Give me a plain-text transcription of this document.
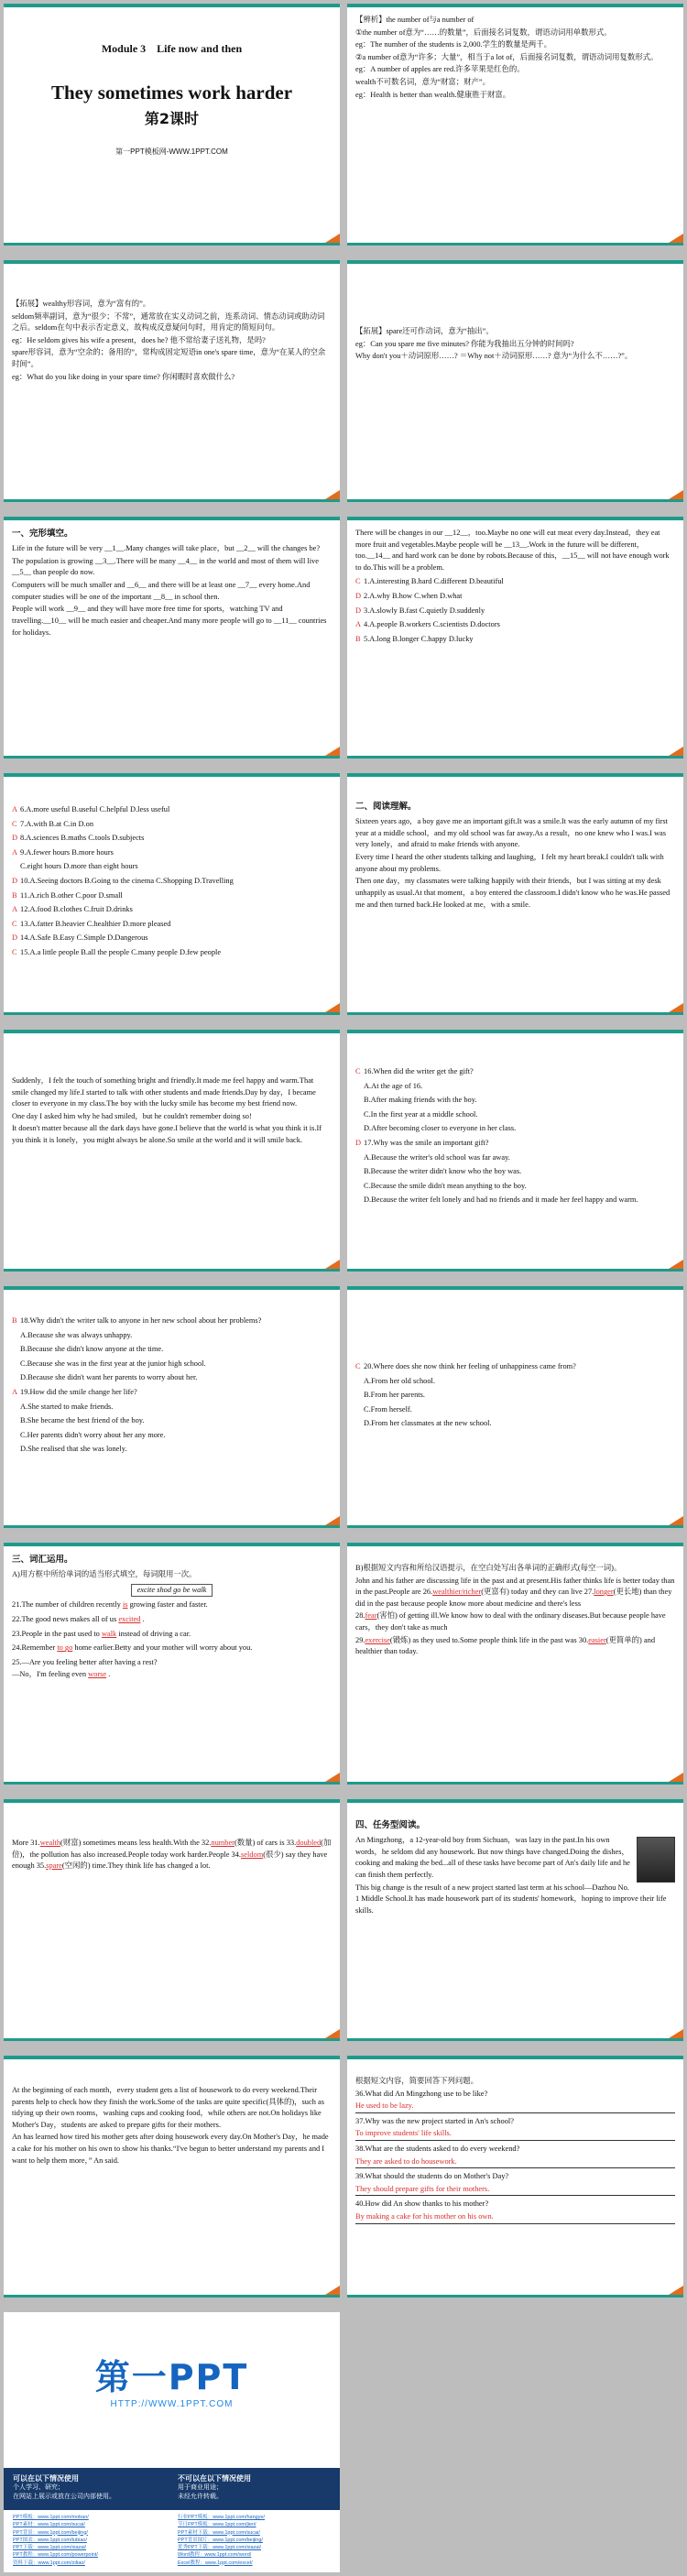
Module 3　Life now and then
They sometimes work harder
第2课时
第一PPT模板网-WWW.1PPT.COM

【辨析】the number of与a number of

①the number of意为“……的数量”，后面接名词复数，谓语动词用单数形式。

eg：The number of the students is 2,000.学生的数量是两千。

②a number of意为“许多；大量”，相当于a lot of，后面接名词复数，谓语动词用复数形式。

eg：A number of apples are red.许多苹果是红色的。

wealth不可数名词，意为“财富；财产”。

eg：Health is better than wealth.健康胜于财富。

【拓展】wealthy形容词，意为“富有的”。

seldom频率副词，意为“很少；不常”，通常放在实义动词之前，连系动词、情态动词或助动词之后。seldom在句中表示否定意义，故构成反意疑问句时，用肯定的简短问句。

eg：He seldom gives his wife a present，does he? 他不常给妻子送礼物，是吗?

spare形容词，意为“空余的；备用的”，常构成固定短语in one's spare time，意为“在某人的空余时间”。

eg：What do you like doing in your spare time? 你闲暇时喜欢做什么?

【拓展】spare还可作动词，意为“抽出”。

eg：Can you spare me five minutes? 你能为我抽出五分钟的时间吗?

Why don't you＋动词原形……? ＝Why not＋动词原形……? 意为“为什么不……?”。

一、完形填空。

Life in the future will be very __1__.Many changes will take place，but __2__ will the changes be?

The population is growing __3__.There will be many __4__ in the world and most of them will live __5__ than people do now.

Computers will be much smaller and __6__ and there will be at least one __7__ every home.And computer studies will be one of the important __8__ in school then.

People will work __9__ and they will have more free time for sports，watching TV and travelling.__10__ will be much easier and cheaper.And many more people will go to __11__ countries for holidays.

There will be changes in our __12__，too.Maybe no one will eat meat every day.Instead，they eat more fruit and vegetables.Maybe people will be __13__.Work in the future will be different，too.__14__ and hard work can be done by robots.Because of this，__15__ will not have enough work to do.This will be a problem.

C 1.A.interesting B.hard C.different D.beautiful

D 2.A.why B.how C.when D.what

D 3.A.slowly B.fast C.quietly D.suddenly

A 4.A.people B.workers C.scientists D.doctors

B 5.A.long B.longer C.happy D.lucky

A 6.A.more useful B.useful C.helpful D.less useful

C 7.A.with B.at C.in D.on

D 8.A.sciences B.maths C.tools D.subjects

A 9.A.fewer hours B.more hours

C.eight hours D.more than eight hours

D 10.A.Seeing doctors B.Going to the cinema C.Shopping D.Travelling

B 11.A.rich B.other C.poor D.small

A 12.A.food B.clothes C.fruit D.drinks

C 13.A.fatter B.heavier C.healthier D.more pleased

D 14.A.Safe B.Easy C.Simple D.Dangerous

C 15.A.a little people B.all the people C.many people D.few people

二、阅读理解。

Sixteen years ago，a boy gave me an important gift.It was a smile.It was the early autumn of my first year at a middle school，and my old school was far away.As a result，no one knew who I was.I was very lonely，and afraid to make friends with anyone.

Every time I heard the other students talking and laughing，I felt my heart break.I couldn't talk with anyone about my problems.

Then one day，my classmates were talking happily with their friends，but I was sitting at my desk unhappily as usual.At that moment，a boy entered the classroom.I didn't know who he was.He passed me and then turned back.He looked at me，with a smile.

Suddenly，I felt the touch of something bright and friendly.It made me feel happy and warm.That smile changed my life.I started to talk with other students and made friends.Day by day，I became closer to everyone in my class.The boy with the lucky smile has become my best friend now.

One day I asked him why he had smiled，but he couldn't remember doing so!

It doesn't matter because all the dark days have gone.I believe that the world is what you think it is.If you think it is lonely，you might always be alone.So smile at the world and it will smile back.

C 16.When did the writer get the gift?

A.At the age of 16.

B.After making friends with the boy.

C.In the first year at a middle school.

D.After becoming closer to everyone in her class.

D 17.Why was the smile an important gift?

A.Because the writer's old school was far away.

B.Because the writer didn't know who the boy was.

C.Because the smile didn't mean anything to the boy.

D.Because the writer felt lonely and had no friends and it made her feel happy and warm.

B 18.Why didn't the writer talk to anyone in her new school about her problems?

A.Because she was always unhappy.

B.Because she didn't know anyone at the time.

C.Because she was in the first year at the junior high school.

D.Because she didn't want her parents to worry about her.

A 19.How did the smile change her life?

A.She started to make friends.

B.She became the best friend of the boy.

C.Her parents didn't worry about her any more.

D.She realised that she was lonely.

C 20.Where does she now think her feeling of unhappiness came from?

A.From her old school.

B.From her parents.

C.From herself.

D.From her classmates at the new school.

三、词汇运用。

A)用方框中所给单词的适当形式填空，每词限用一次。

excite shod go be walk

21.The number of children recently is growing faster and faster.

22.The good news makes all of us excited .

23.People in the past used to walk instead of driving a car.

24.Remember to go home earlier.Betty and your mother will worry about you.

25.—Are you feeling better after having a rest?
—No，I'm feeling even worse .

B)根据短文内容和所给汉语提示，在空白处写出各单词的正确形式(每空一词)。

John and his father are discussing life in the past and at present.His father thinks life is better today than in the past.People are 26.wealthier/richer(更富有) today and they can live 27.longer(更长地) than they did in the past because people know more about medicine and there's less

28.fear(害怕) of getting ill.We know how to deal with the ordinary diseases.But because people have cars，they don't take as much

29.exercise(锻炼) as they used to.Some people think life in the past was 30.easier(更简单的) and healthier than today.

More 31.wealth(财富) sometimes means less health.With the 32.number(数量) of cars is 33.doubled(加倍)，the pollution has also increased.People today work harder.People 34.seldom(很少) say they have enough 35.spare(空闲的) time.They think life has changed a lot.

四、任务型阅读。

An Mingzhong，a 12-year-old boy from Sichuan，was lazy in the past.In his own words，he seldom did any housework. But now things have changed.Doing the dishes，cooking and making the bed...all of these tasks have become part of An's daily life and he can finish them perfectly.

This big change is the result of a new project started last term at his school—Dazhou No. 1 Middle School.It has made housework part of its students' homework，hoping to improve their life skills.

At the beginning of each month，every student gets a list of housework to do every weekend.Their parents help to check how they finish the work.Some of the tasks are quite specific(具体的)，such as tidying up their own rooms，washing cups and cooking food，while others are not.On holidays like Mother's Day，students are asked to prepare gifts for their mothers.

An has learned how tired his mother gets after doing housework every day.On Mother's Day，he made a cake for his mother on his own to show his thanks.“I've begun to better understand my parents and I want to help them more，” An said.

根据短文内容，简要回答下列问题。

36.What did An Mingzhong use to be like?

He used to be lazy.

37.Why was the new project started in An's school?

To improve students' life skills.

38.What are the students asked to do every weekend?

They are asked to do housework.

39.What should the students do on Mother's Day?

They should prepare gifts for their mothers.

40.How did An show thanks to his mother?

By making a cake for his mother on his own.
第一PPT
HTTP://WWW.1PPT.COM
可以在以下情况使用
个人学习、研究；
在网站上展示或放在公司内部使用。
不可以在以下情况使用
用于商业用途；
未经允许转载。
PPT模板：www.1ppt.com/moban/
PPT素材：www.1ppt.com/sucai/
PPT背景：www.1ppt.com/beijing/
PPT图表：www.1ppt.com/tubiao/
PPT下载：www.1ppt.com/xiazai/
PPT教程：www.1ppt.com/powerpoint/
资料下载：www.1ppt.com/ziliao/
行业PPT模板：www.1ppt.com/hangye/
节日PPT模板：www.1ppt.com/jieri/
PPT素材下载：www.1ppt.com/sucai/
PPT背景图片：www.1ppt.com/beijing/
优秀PPT下载：www.1ppt.com/xiazai/
Word教程：www.1ppt.com/word/
Excel教程：www.1ppt.com/excel/
